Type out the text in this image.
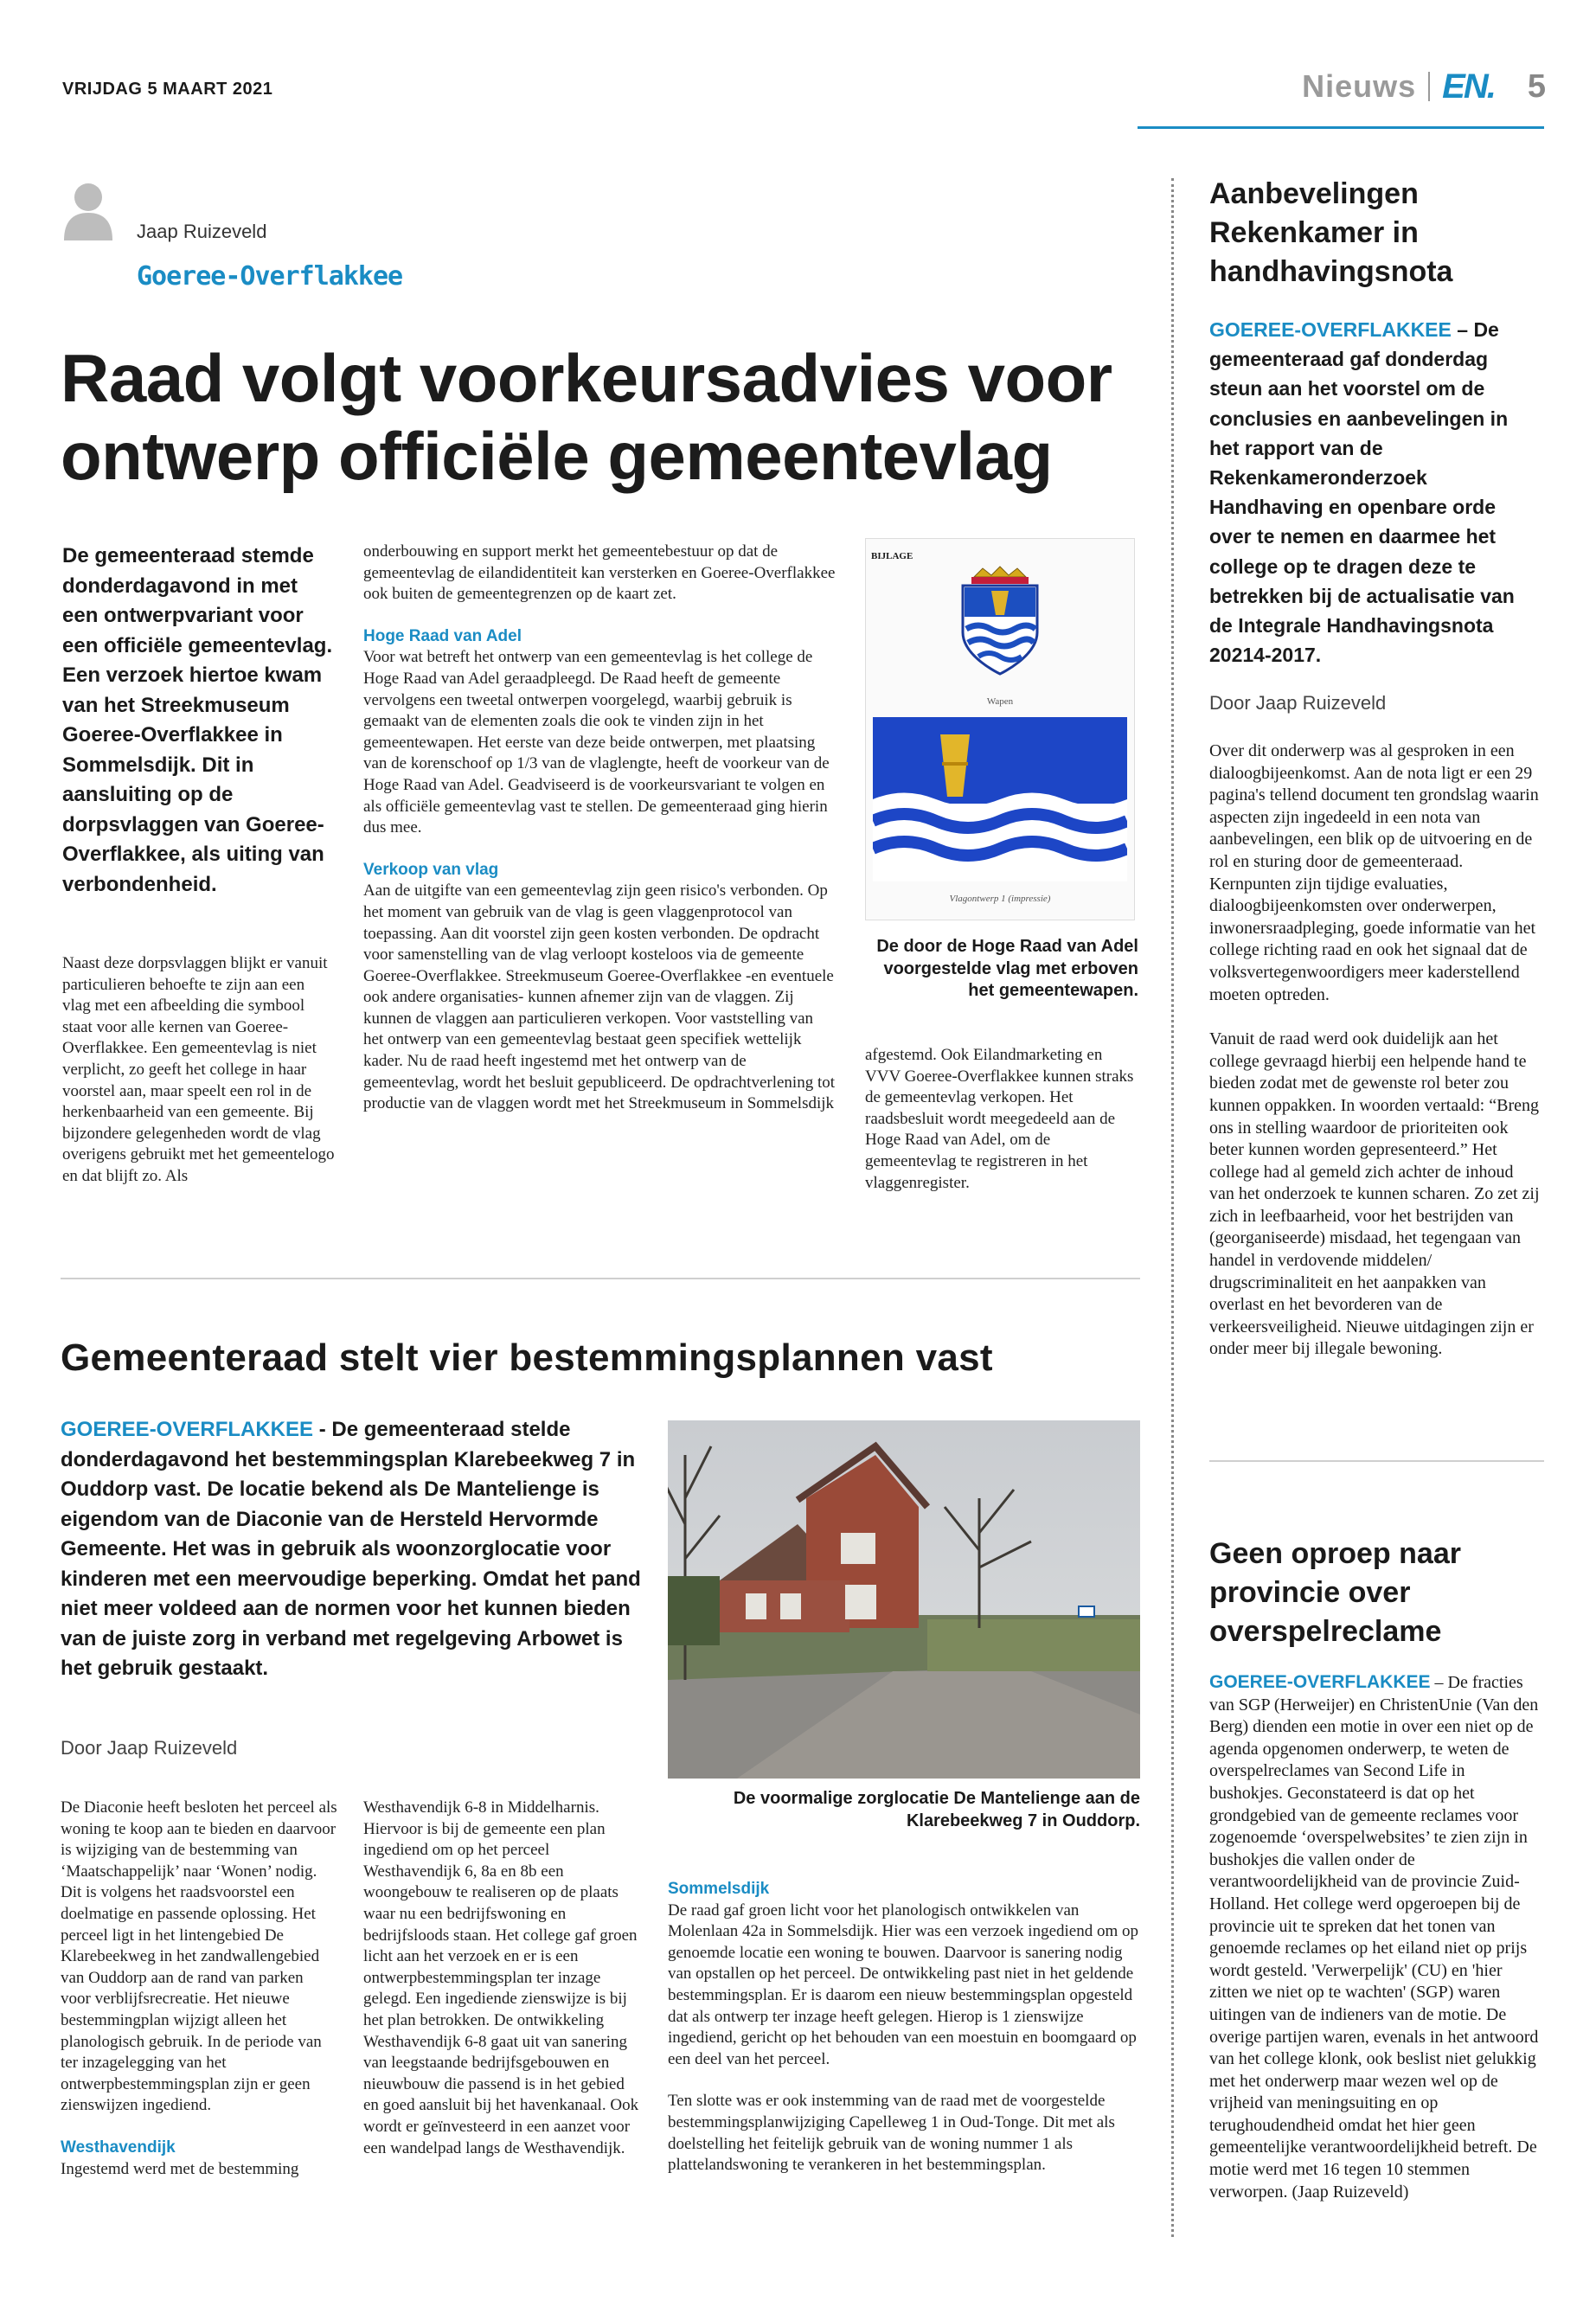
VRIJDAG 5 MAART 2021	Nieuws EN. 5
Jaap Ruizeveld
Goeree-Overflakkee
Raad volgt voorkeursadvies voor ontwerp officiële gemeentevlag
De gemeenteraad stemde donderdagavond in met een ontwerpvariant voor een officiële gemeentevlag. Een verzoek hiertoe kwam van het Streekmuseum Goeree-Overflakkee in Sommelsdijk. Dit in aansluiting op de dorpsvlaggen van Goeree-Overflakkee, als uiting van verbondenheid.
Naast deze dorpsvlaggen blijkt er vanuit particulieren behoefte te zijn aan een vlag met een afbeelding die symbool staat voor alle kernen van Goeree-Overflakkee. Een gemeentevlag is niet verplicht, zo geeft het college in haar voorstel aan, maar speelt een rol in de herkenbaarheid van een gemeente. Bij bijzondere gelegenheden wordt de vlag overigens gebruikt met het gemeentelogo en dat blijft zo. Als

onderbouwing en support merkt het gemeentebestuur op dat de gemeentevlag de eilandidentiteit kan versterken en Goeree-Overflakkee ook buiten de gemeentegrenzen op de kaart zet.

Hoge Raad van Adel

Voor wat betreft het ontwerp van een gemeentevlag is het college de Hoge Raad van Adel geraadpleegd. De Raad heeft de gemeente vervolgens een tweetal ontwerpen voorgelegd, waarbij gebruik is gemaakt van de elementen zoals die ook te vinden zijn in het gemeentewapen. Het eerste van deze beide ontwerpen, met plaatsing van de korenschoof op 1/3 van de vlaglengte, heeft de voorkeur van de Hoge Raad van Adel. Geadviseerd is de voorkeursvariant te volgen en als officiële gemeentevlag vast te stellen. De gemeenteraad ging hierin dus mee.

Verkoop van vlag

Aan de uitgifte van een gemeentevlag zijn geen risico's verbonden. Op het moment van gebruik van de vlag is geen vlaggenprotocol van toepassing. Aan dit voorstel zijn geen kosten verbonden. De opdracht voor samenstelling van de vlag verloopt kosteloos via de gemeente Goeree-Overflakkee. Streekmuseum Goeree-Overflakkee -en eventuele ook andere organisaties- kunnen afnemer zijn van de vlaggen. Zij kunnen de vlaggen aan particulieren verkopen. Voor vaststelling van het ontwerp van een gemeentevlag bestaat geen specifiek wettelijk kader. Nu de raad heeft ingestemd met het ontwerp van de gemeentevlag, wordt het besluit gepubliceerd. De opdrachtverlening tot productie van de vlaggen wordt met het Streekmuseum in Sommelsdijk

BIJLAGE
Wapen
Vlagontwerp 1 (impressie)
De door de Hoge Raad van Adel voorgestelde vlag met erboven het gemeentewapen.
afgestemd. Ook Eilandmarketing en VVV Goeree-Overflakkee kunnen straks de gemeentevlag verkopen. Het raadsbesluit wordt meegedeeld aan de Hoge Raad van Adel, om de gemeentevlag te registreren in het vlaggenregister.
Aanbevelingen Rekenkamer in handhavingsnota
GOEREE-OVERFLAKKEE – De gemeenteraad gaf donderdag steun aan het voorstel om de conclusies en aanbevelingen in het rapport van de Rekenkameronderzoek Handhaving en openbare orde over te nemen en daarmee het college op te dragen deze te betrekken bij de actualisatie van de Integrale Handhavingsnota 20214-2017.
Door Jaap Ruizeveld

Over dit onderwerp was al gesproken in een dialoogbijeenkomst. Aan de nota ligt er een 29 pagina's tellend document ten grondslag waarin aspecten zijn ingedeeld in een nota van aanbevelingen, een blik op de uitvoering en de rol en sturing door de gemeenteraad. Kernpunten zijn tijdige evaluaties, dialoogbijeenkomsten over onderwerpen, inwonersraadpleging, goede informatie van het college richting raad en ook het signaal dat de volksvertegenwoordigers meer kaderstellend moeten optreden.

Vanuit de raad werd ook duidelijk aan het college gevraagd hierbij een helpende hand te bieden zodat met de gewenste rol beter zou kunnen oppakken. In woorden vertaald: “Breng ons in stelling waardoor de prioriteiten ook beter kunnen worden gepresenteerd.” Het college had al gemeld zich achter de inhoud van het onderzoek te kunnen scharen. Zo zet zij zich in leefbaarheid, voor het bestrijden van (georganiseerde) misdaad, het tegengaan van handel in verdovende middelen/ drugscriminaliteit en het aanpakken van overlast en het bevorderen van de verkeersveiligheid. Nieuwe uitdagingen zijn er onder meer bij illegale bewoning.

Geen oproep naar provincie over overspelreclame
GOEREE-OVERFLAKKEE – De fracties van SGP (Herweijer) en ChristenUnie (Van den Berg) dienden een motie in over een niet op de agenda opgenomen onderwerp, te weten de overspelreclames van Second Life in bushokjes. Geconstateerd is dat op het grondgebied van de gemeente reclames voor zogenoemde ‘overspelwebsites’ te zien zijn in bushokjes die vallen onder de verantwoordelijkheid van de provincie Zuid-Holland. Het college werd opgeroepen bij de provincie uit te spreken dat het tonen van genoemde reclames op het eiland niet op prijs wordt gesteld. 'Verwerpelijk' (CU) en 'hier zitten we niet op te wachten' (SGP) waren uitingen van de indieners van de motie. De overige partijen waren, evenals in het antwoord van het college klonk, ook beslist niet gelukkig met het onderwerp maar wezen wel op de vrijheid van meningsuiting en op terughoudendheid omdat het hier geen gemeentelijke verantwoordelijkheid betreft. De motie werd met 16 tegen 10 stemmen verworpen. (Jaap Ruizeveld)
Gemeenteraad stelt vier bestemmingsplannen vast
GOEREE-OVERFLAKKEE - De gemeenteraad stelde donderdagavond het bestemmingsplan Klarebeekweg 7 in Ouddorp vast. De locatie bekend als De Mantelienge is eigendom van de Diaconie van de Hersteld Hervormde Gemeente. Het was in gebruik als woonzorglocatie voor kinderen met een meervoudige beperking. Omdat het pand niet meer voldeed aan de normen voor het kunnen bieden van de juiste zorg in verband met regelgeving Arbowet is het gebruik gestaakt.
Door Jaap Ruizeveld

De Diaconie heeft besloten het perceel als woning te koop aan te bieden en daarvoor is wijziging van de bestemming van ‘Maatschappelijk’ naar ‘Wonen’ nodig. Dit is volgens het raadsvoorstel een doelmatige en passende oplossing. Het perceel ligt in het lintengebied De Klarebeekweg in het zandwallengebied van Ouddorp aan de rand van parken voor verblijfsrecreatie. Het nieuwe bestemmingplan wijzigt alleen het planologisch gebruik. In de periode van ter inzagelegging van het ontwerpbestemmingsplan zijn er geen zienswijzen ingediend.

Westhavendijk

Ingestemd werd met de bestemming

Westhavendijk 6-8 in Middelharnis. Hiervoor is bij de gemeente een plan ingediend om op het perceel Westhavendijk 6, 8a en 8b een woongebouw te realiseren op de plaats waar nu een bedrijfswoning en bedrijfsloods staan. Het college gaf groen licht aan het verzoek en er is een ontwerpbestemmingsplan ter inzage gelegd. Een ingediende zienswijze is bij het plan betrokken. De ontwikkeling Westhavendijk 6-8 gaat uit van sanering van leegstaande bedrijfsgebouwen en nieuwbouw die passend is in het gebied en goed aansluit bij het havenkanaal. Ook wordt er geïnvesteerd in een aanzet voor een wandelpad langs de Westhavendijk.
De voormalige zorglocatie De Mantelienge aan de Klarebeekweg 7 in Ouddorp.

Sommelsdijk

De raad gaf groen licht voor het planologisch ontwikkelen van Molenlaan 42a in Sommelsdijk. Hier was een verzoek ingediend om op genoemde locatie een woning te bouwen. Daarvoor is sanering nodig van opstallen op het perceel. De ontwikkeling past niet in het geldende bestemmingsplan. Er is daarom een nieuw bestemmingsplan opgesteld dat als ontwerp ter inzage heeft gelegen. Hierop is 1 zienswijze ingediend, gericht op het behouden van een moestuin en boomgaard op een deel van het perceel.

Ten slotte was er ook instemming van de raad met de voorgestelde bestemmingsplanwijziging Capelleweg 1 in Oud-Tonge. Dit met als doelstelling het feitelijk gebruik van de woning nummer 1 als plattelandswoning te verankeren in het bestemmingsplan.
